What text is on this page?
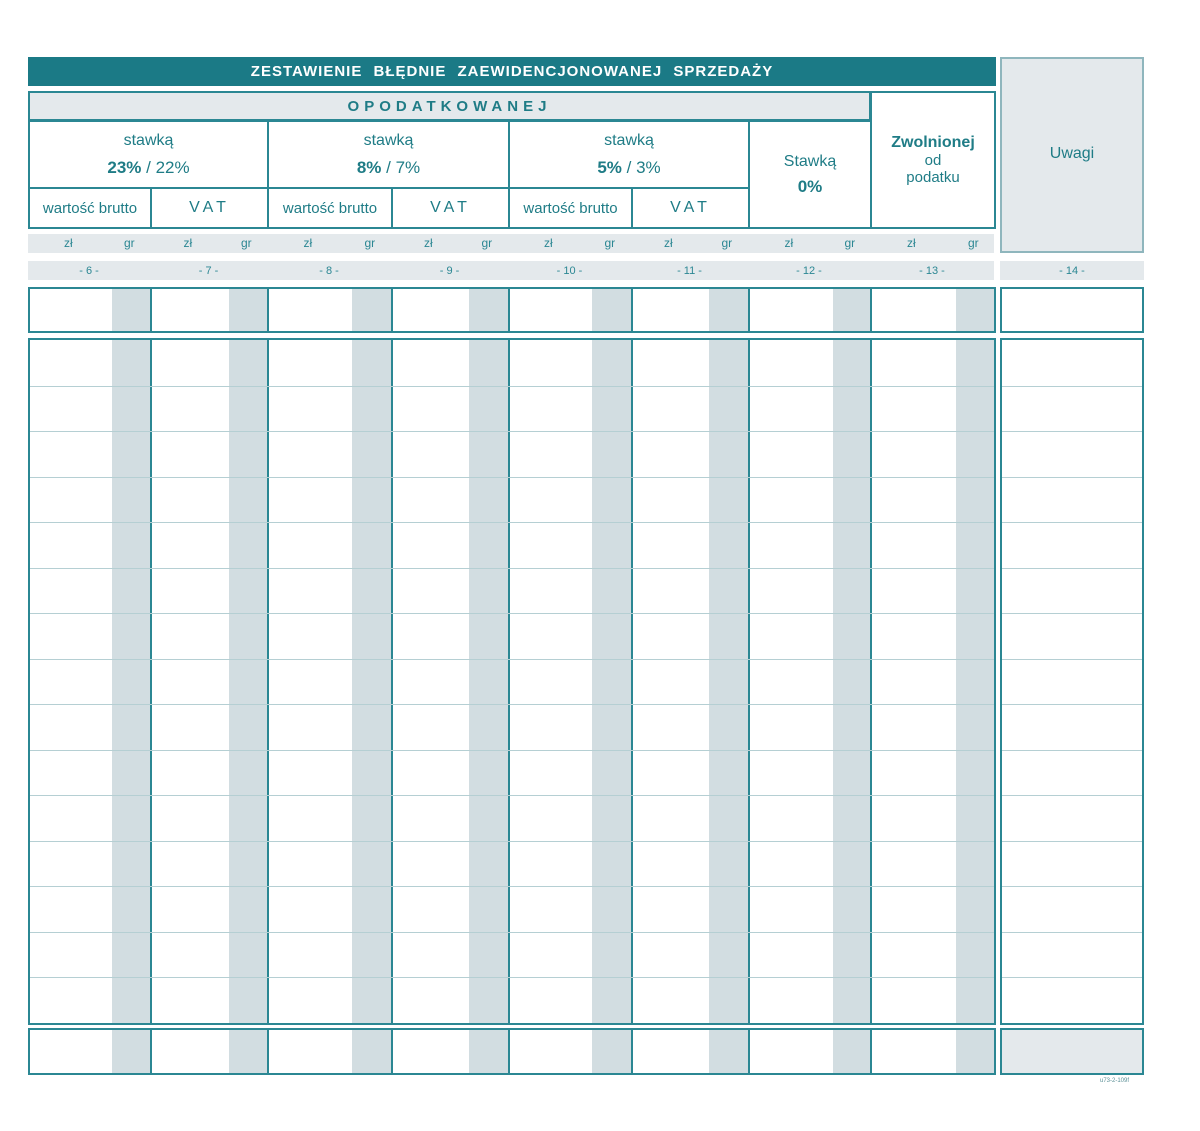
ZESTAWIENIE BŁĘDNIE ZAEWIDENCJONOWANEJ SPRZEDAŻY
Uwagi
OPODATKOWANEJ
stawką
23% / 22%
stawką
8% / 7%
stawką
5% / 3%
wartość brutto	VAT	wartość brutto	VAT	wartość brutto	VAT
Stawką
0%
Zwolnionej
od
podatku
u73-2-109f
zł	gr	zł	gr	zł	gr	zł	gr	zł	gr	zł	gr	zł	gr	zł	gr
- 6 -	- 7 -	- 8 -	- 9 -	- 10 -	- 11 -	- 12 -	- 13 -	- 14 -
